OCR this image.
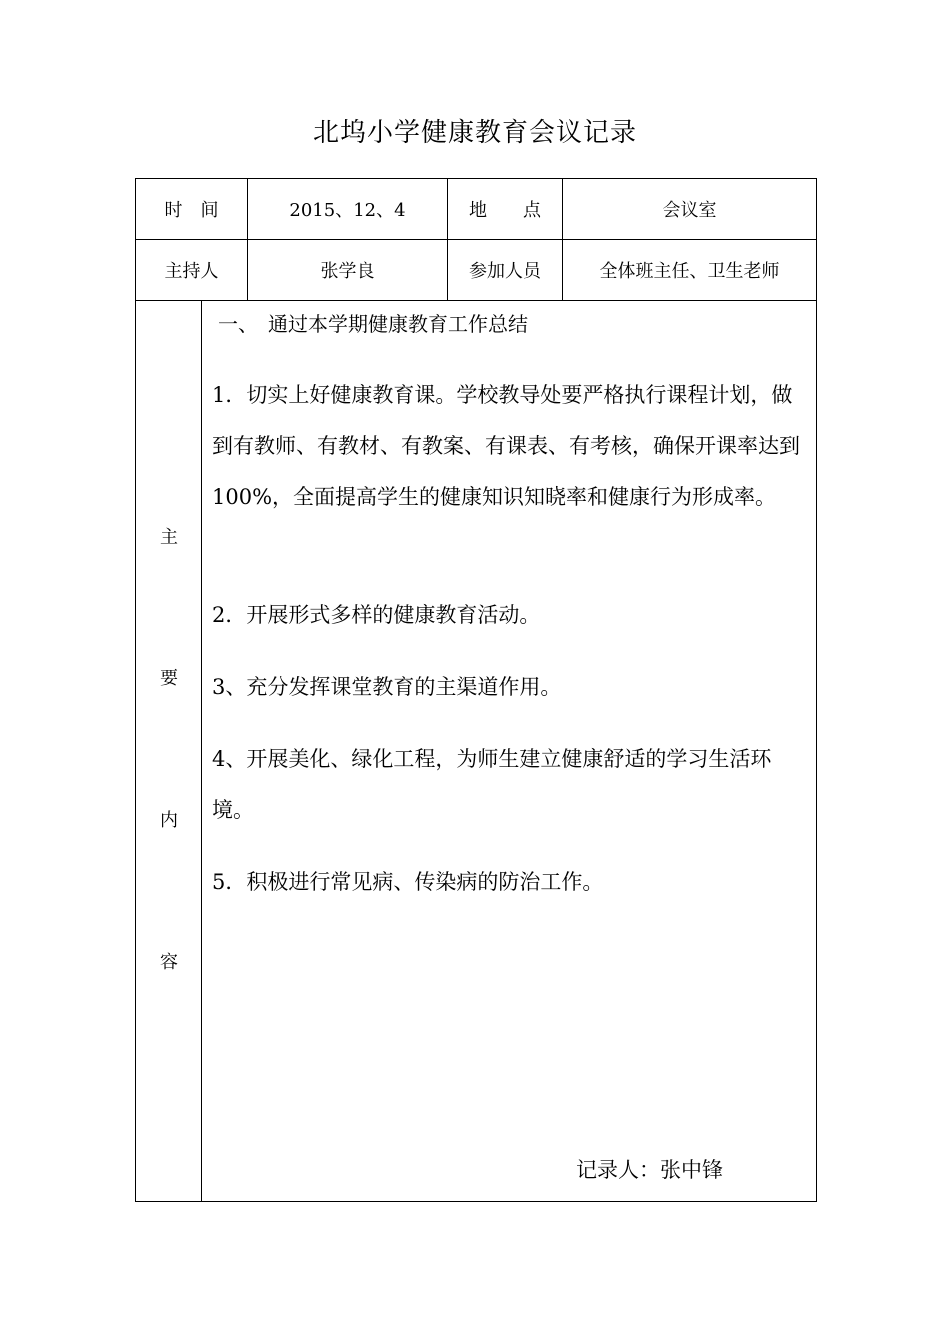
北坞小学健康教育会议记录
时　间	2015、12、4	地　　点	会议室
主持人	张学良	参加人员	全体班主任、卫生老师
主
要
内
容
一、　通过本学期健康教育工作总结

1．切实上好健康教育课。学校教导处要严格执行课程计划，做到有教师、有教材、有教案、有课表、有考核，确保开课率达到 100%，全面提高学生的健康知识知晓率和健康行为形成率。

2．开展形式多样的健康教育活动。

3、充分发挥课堂教育的主渠道作用。

4、开展美化、绿化工程，为师生建立健康舒适的学习生活环境。

5．积极进行常见病、传染病的防治工作。

记录人：张中锋
